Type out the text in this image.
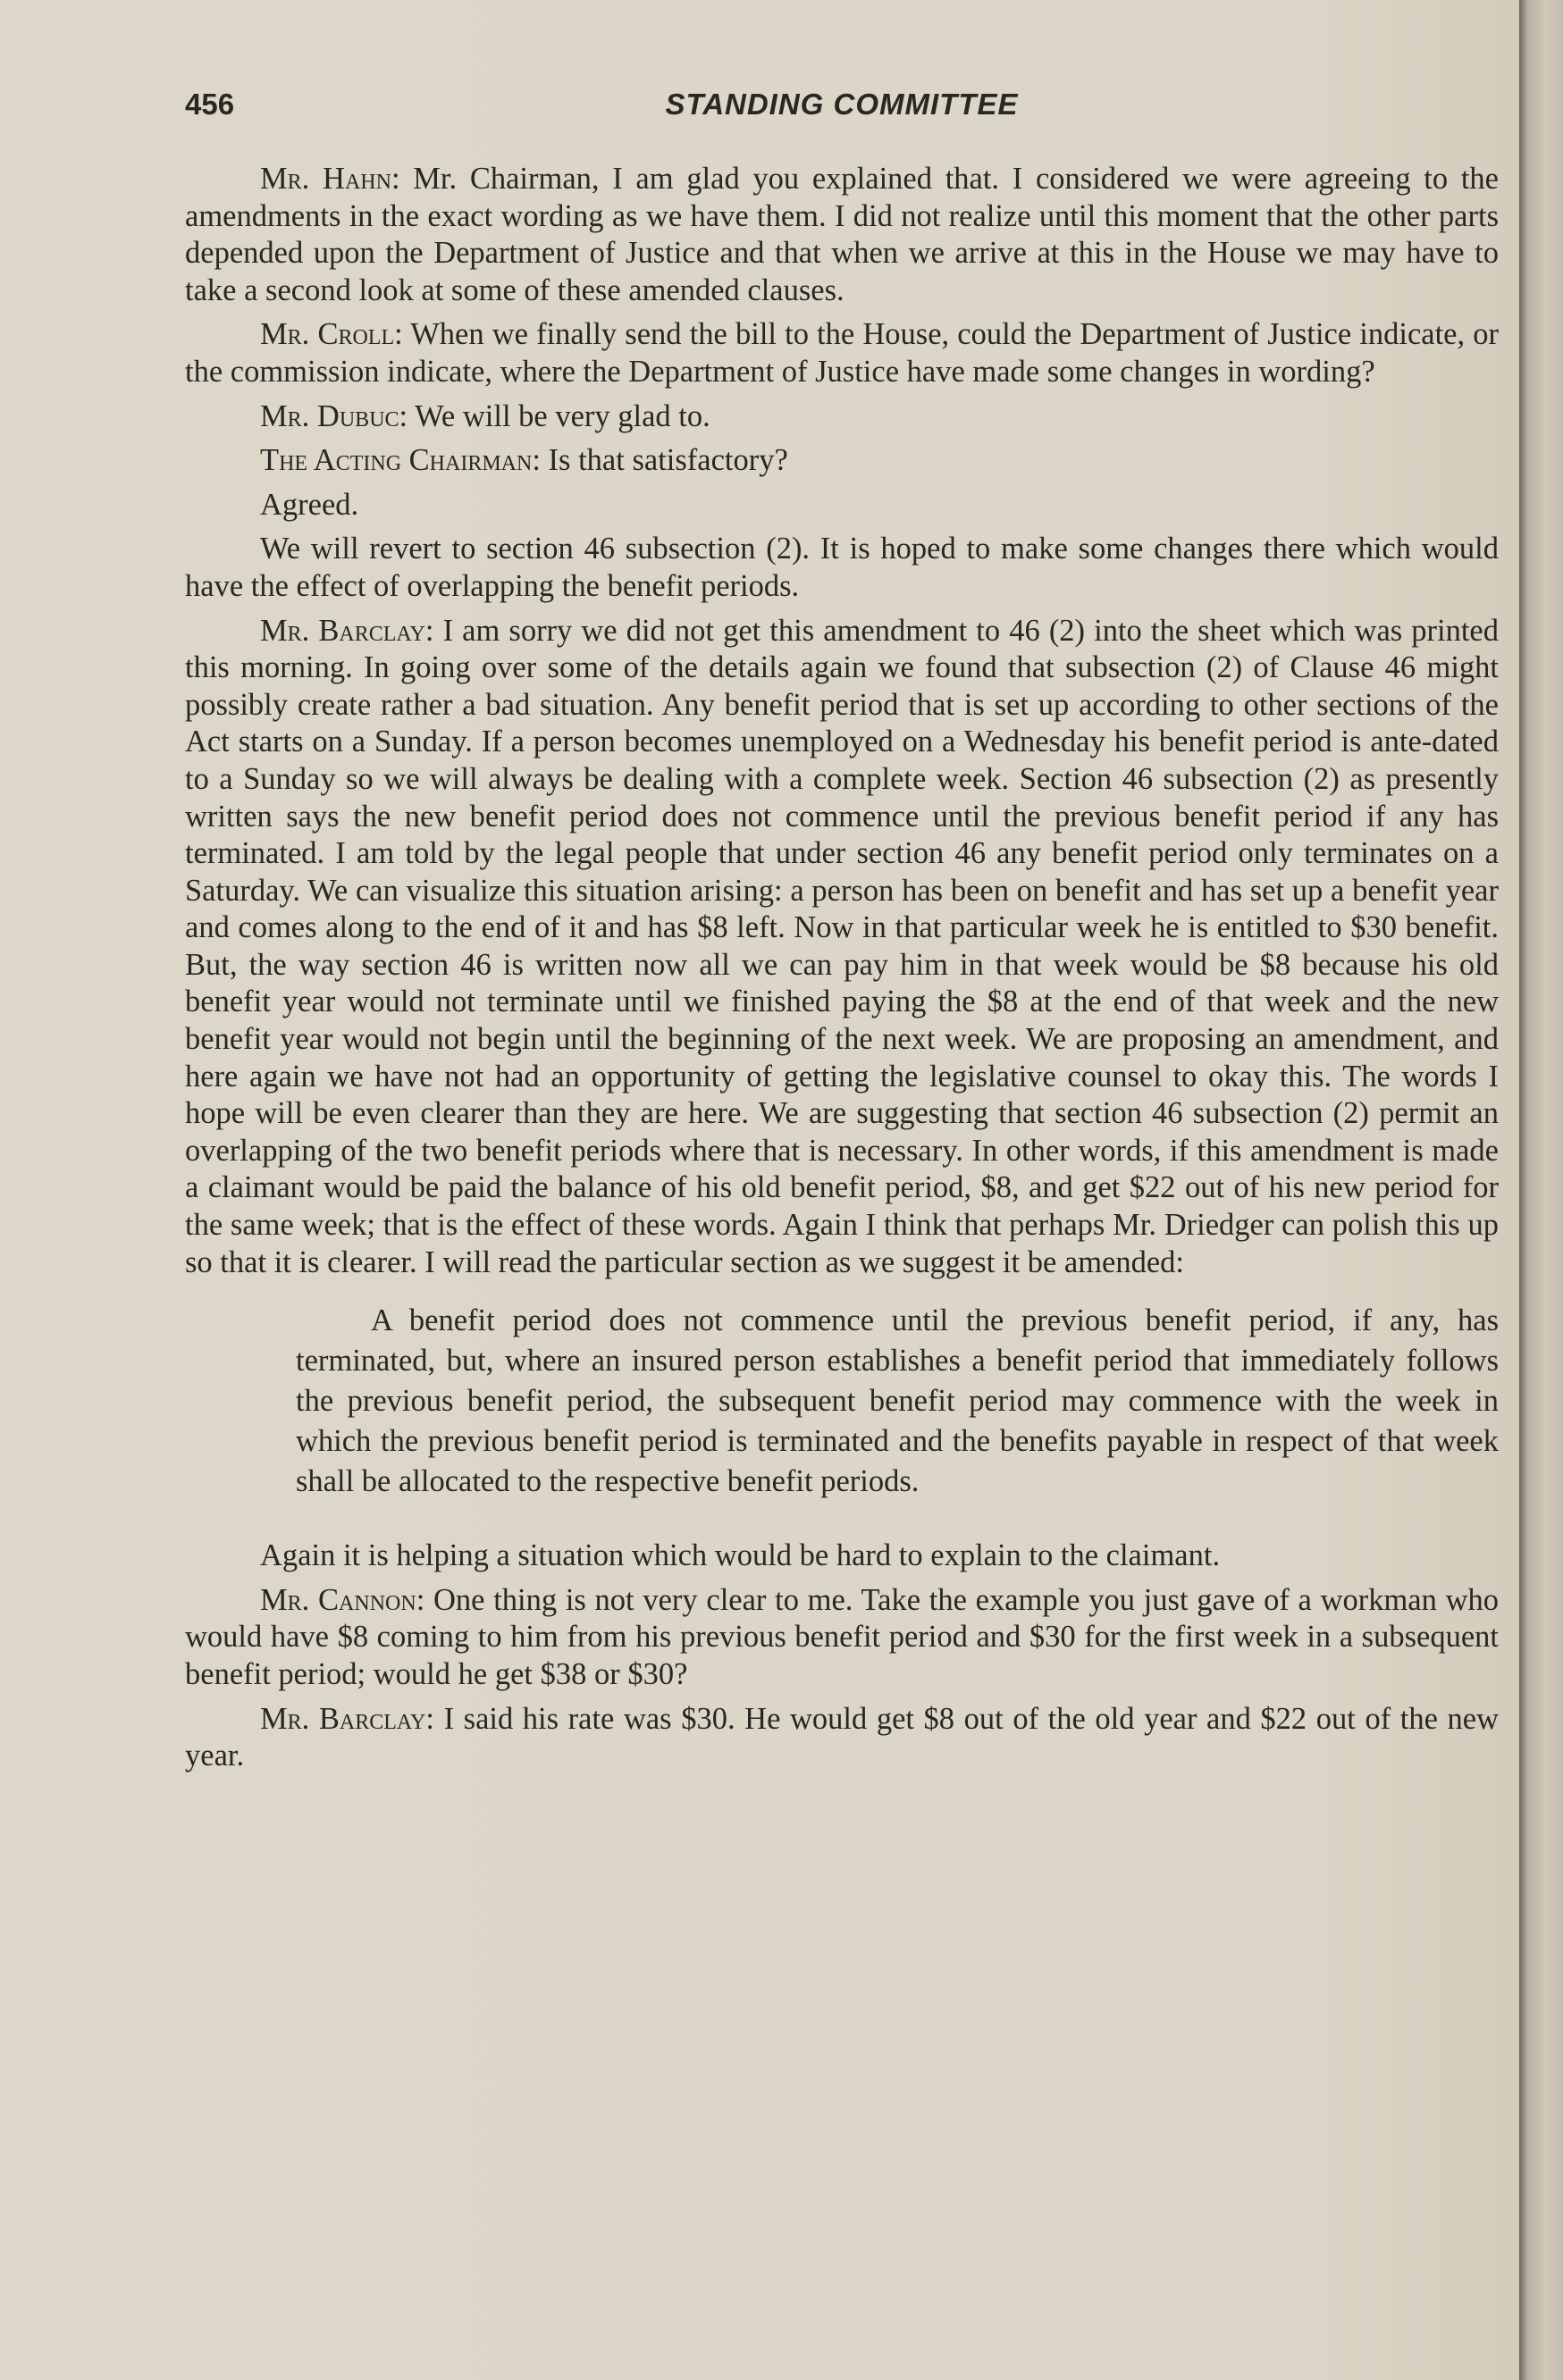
456	STANDING COMMITTEE

Mr. Hahn: Mr. Chairman, I am glad you explained that. I considered we were agreeing to the amendments in the exact wording as we have them. I did not realize until this moment that the other parts depended upon the Department of Justice and that when we arrive at this in the House we may have to take a second look at some of these amended clauses.

Mr. Croll: When we finally send the bill to the House, could the Department of Justice indicate, or the commission indicate, where the Department of Justice have made some changes in wording?

Mr. Dubuc: We will be very glad to.

The Acting Chairman: Is that satisfactory?

Agreed.

We will revert to section 46 subsection (2). It is hoped to make some changes there which would have the effect of overlapping the benefit periods.

Mr. Barclay: I am sorry we did not get this amendment to 46 (2) into the sheet which was printed this morning. In going over some of the details again we found that subsection (2) of Clause 46 might possibly create rather a bad situation. Any benefit period that is set up according to other sections of the Act starts on a Sunday. If a person becomes unemployed on a Wednesday his benefit period is ante-dated to a Sunday so we will always be dealing with a complete week. Section 46 subsection (2) as presently written says the new benefit period does not commence until the previous benefit period if any has terminated. I am told by the legal people that under section 46 any benefit period only terminates on a Saturday. We can visualize this situation arising: a person has been on benefit and has set up a benefit year and comes along to the end of it and has $8 left. Now in that particular week he is entitled to $30 benefit. But, the way section 46 is written now all we can pay him in that week would be $8 because his old benefit year would not terminate until we finished paying the $8 at the end of that week and the new benefit year would not begin until the beginning of the next week. We are proposing an amendment, and here again we have not had an opportunity of getting the legislative counsel to okay this. The words I hope will be even clearer than they are here. We are suggesting that section 46 subsection (2) permit an overlapping of the two benefit periods where that is necessary. In other words, if this amendment is made a claimant would be paid the balance of his old benefit period, $8, and get $22 out of his new period for the same week; that is the effect of these words. Again I think that perhaps Mr. Driedger can polish this up so that it is clearer. I will read the particular section as we suggest it be amended:

A benefit period does not commence until the previous benefit period, if any, has terminated, but, where an insured person establishes a benefit period that immediately follows the previous benefit period, the subsequent benefit period may commence with the week in which the previous benefit period is terminated and the benefits payable in respect of that week shall be allocated to the respective benefit periods.

Again it is helping a situation which would be hard to explain to the claimant.

Mr. Cannon: One thing is not very clear to me. Take the example you just gave of a workman who would have $8 coming to him from his previous benefit period and $30 for the first week in a subsequent benefit period; would he get $38 or $30?

Mr. Barclay: I said his rate was $30. He would get $8 out of the old year and $22 out of the new year.
